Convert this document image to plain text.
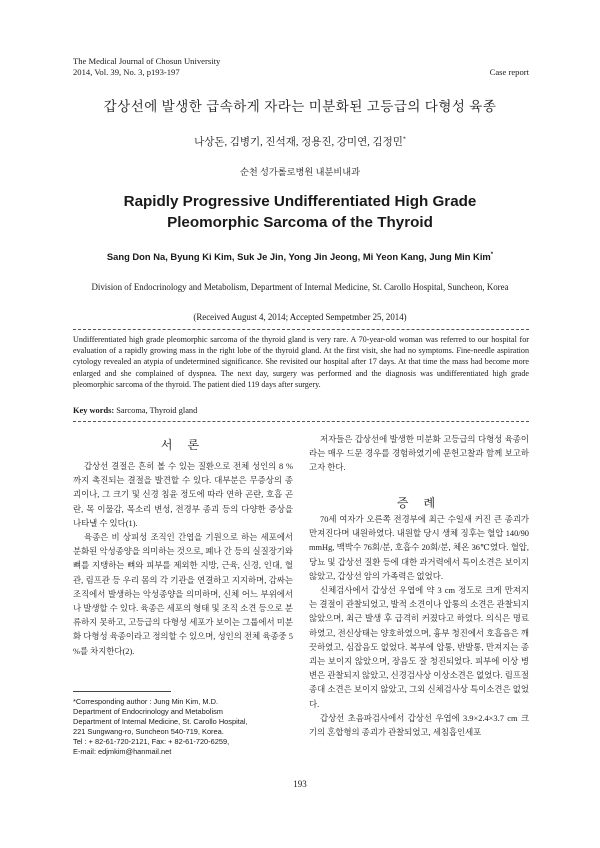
The Medical Journal of Chosun University
2014, Vol. 39, No. 3, p193-197	Case report
갑상선에 발생한 급속하게 자라는 미분화된 고등급의 다형성 육종
나상돈, 김병기, 진석재, 정용진, 강미연, 김정민*
순천 성가롤로병원 내분비내과
Rapidly Progressive Undifferentiated High Grade
Pleomorphic Sarcoma of the Thyroid
Sang Don Na, Byung Ki Kim, Suk Je Jin, Yong Jin Jeong, Mi Yeon Kang, Jung Min Kim*
Division of Endocrinology and Metabolism, Department of Internal Medicine, St. Carollo Hospital, Suncheon, Korea
(Received August 4, 2014; Accepted Sempetmber 25, 2014)

Undifferentiated high grade pleomorphic sarcoma of the thyroid gland is very rare. A 70-year-old woman was referred to our hospital for evaluation of a rapidly growing mass in the right lobe of the thyroid gland. At the first visit, she had no symptoms. Fine-needle aspiration cytology revealed an atypia of undetermined significance. She revisited our hospital after 17 days. At that time the mass had become more enlarged and she complained of dyspnea. The next day, surgery was performed and the diagnosis was undifferentiated high grade pleomorphic sarcoma of the thyroid. The patient died 119 days after surgery.

Key words: Sarcoma, Thyroid gland
서 론

갑상선 결절은 흔히 볼 수 있는 질환으로 전체 성인의 8 %까지 촉진되는 결절을 발견할 수 있다. 대부분은 무증상의 종괴이나, 그 크기 및 신경 침윤 정도에 따라 연하 곤란, 호흡 곤란, 목 이물감, 목소리 변성, 전경부 종괴 등의 다양한 증상을 나타낼 수 있다(1).

육종은 비 상피성 조직인 간엽을 기원으로 하는 세포에서 분화된 악성종양을 의미하는 것으로, 폐나 간 등의 실질장기와 뼈를 지탱하는 뼈와 피부를 제외한 지방, 근육, 신경, 인대, 혈관, 림프관 등 우리 몸의 각 기관을 연결하고 지지하며, 감싸는 조직에서 발생하는 악성종양을 의미하며, 신체 어느 부위에서나 발생할 수 있다. 육종은 세포의 형태 및 조직 소견 등으로 분류하지 못하고, 고등급의 다형성 세포가 보이는 그룹에서 미분화 다형성 육종이라고 정의할 수 있으며, 성인의 전체 육종중 5 %를 차지한다(2).

*Corresponding author : Jung Min Kim, M.D.
Department of Endocrinology and Metabolism
Department of Internal Medicine, St. Carollo Hospital,
221 Sungwang-ro, Suncheon 540-719, Korea.
Tel : + 82-61-720-2121, Fax: + 82-61-720-6259,
E-mail: edjmkim@hanmail.net

저자들은 갑상선에 발생한 미분화 고등급의 다형성 육종이라는 매우 드문 경우를 경험하였기에 문헌고찰과 함께 보고하고자 한다.

증 례

70세 여자가 오른쪽 전경부에 최근 수일새 커진 큰 종괴가 만져진다며 내원하였다. 내원할 당시 생체 징후는 혈압 140/90 mmHg, 맥박수 76회/분, 호흡수 20회/분, 체온 36℃였다. 혈압, 당뇨 및 갑상선 질환 등에 대한 과거력에서 특이소견은 보이지 않았고, 갑상선 암의 가족력은 없었다.

신체검사에서 갑상선 우엽에 약 3 cm 정도로 크게 만져지는 결절이 관찰되었고, 발적 소견이나 압통의 소견은 관찰되지 않았으며, 최근 발생 후 급격히 커졌다고 하였다. 의식은 명료하였고, 전신상태는 양호하였으며, 흉부 청진에서 호흡음은 깨끗하였고, 심잡음도 없었다. 복부에 압통, 반발통, 만져지는 종괴는 보이지 않았으며, 장음도 잘 청진되었다. 피부에 이상 병변은 관찰되지 않았고, 신경검사상 이상소견은 없었다. 림프절 종대 소견은 보이지 않았고, 그외 신체검사상 특이소견은 없었다.

갑상선 초음파검사에서 갑상선 우엽에 3.9×2.4×3.7 cm 크기의 혼합형의 종괴가 관찰되었고, 세침흡인세포

193
